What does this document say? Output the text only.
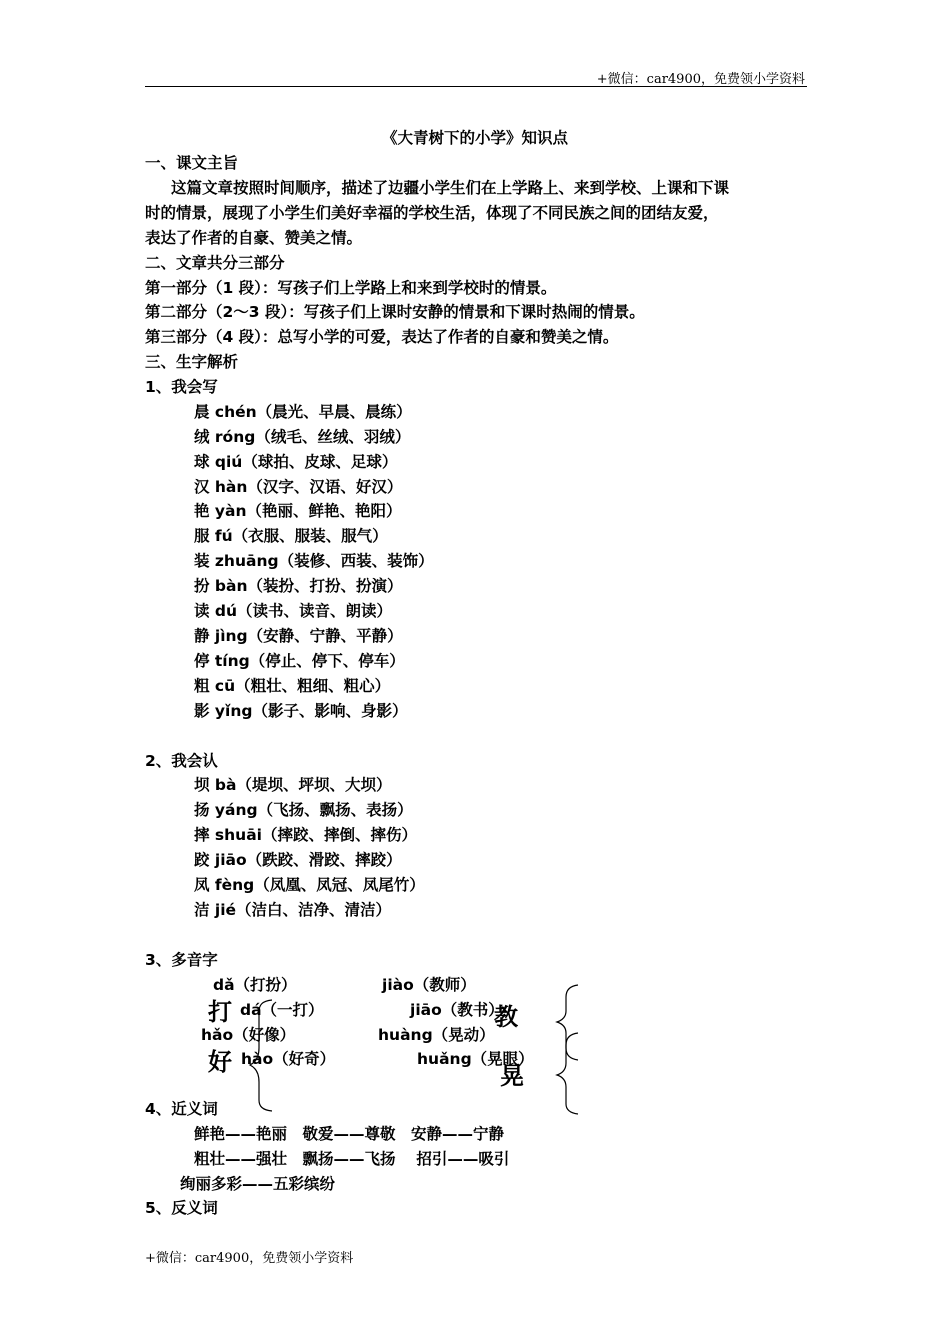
+微信：car4900，免费领小学资料
《大青树下的小学》知识点
一、课文主旨
这篇文章按照时间顺序，描述了边疆小学生们在上学路上、来到学校、上课和下课
时的情景，展现了小学生们美好幸福的学校生活，体现了不同民族之间的团结友爱，
表达了作者的自豪、赞美之情。
二、文章共分三部分
第一部分（1 段）：写孩子们上学路上和来到学校时的情景。
第二部分（2～3 段）：写孩子们上课时安静的情景和下课时热闹的情景。
第三部分（4 段）：总写小学的可爱，表达了作者的自豪和赞美之情。
三、生字解析
1、我会写
晨 chén（晨光、早晨、晨练）
绒 róng（绒毛、丝绒、羽绒）
球 qiú（球拍、皮球、足球）
汉 hàn（汉字、汉语、好汉）
艳 yàn（艳丽、鲜艳、艳阳）
服 fú（衣服、服装、服气）
装 zhuāng（装修、西装、装饰）
扮 bàn（装扮、打扮、扮演）
读 dú（读书、读音、朗读）
静 jìng（安静、宁静、平静）
停 tíng（停止、停下、停车）
粗 cū（粗壮、粗细、粗心）
影 yǐng（影子、影响、身影）
2、我会认
坝 bà（堤坝、坪坝、大坝）
扬 yáng（飞扬、飘扬、表扬）
摔 shuāi（摔跤、摔倒、摔伤）
跤 jiāo（跌跤、滑跤、摔跤）
凤 fèng（凤凰、凤冠、凤尾竹）
洁 jié（洁白、洁净、清洁）
3、多音字
打
好
教
晃
dǎ（打扮）
dá（一打）
hǎo（好像）
hào（好奇）
jiào（教师）
jiāo（教书）
huàng（晃动）
huǎng（晃眼）
4、近义词
鲜艳——艳丽　敬爱——尊敬　安静——宁静
粗壮——强壮　飘扬——飞扬　 招引——吸引
绚丽多彩——五彩缤纷
5、反义词
+微信：car4900，免费领小学资料
